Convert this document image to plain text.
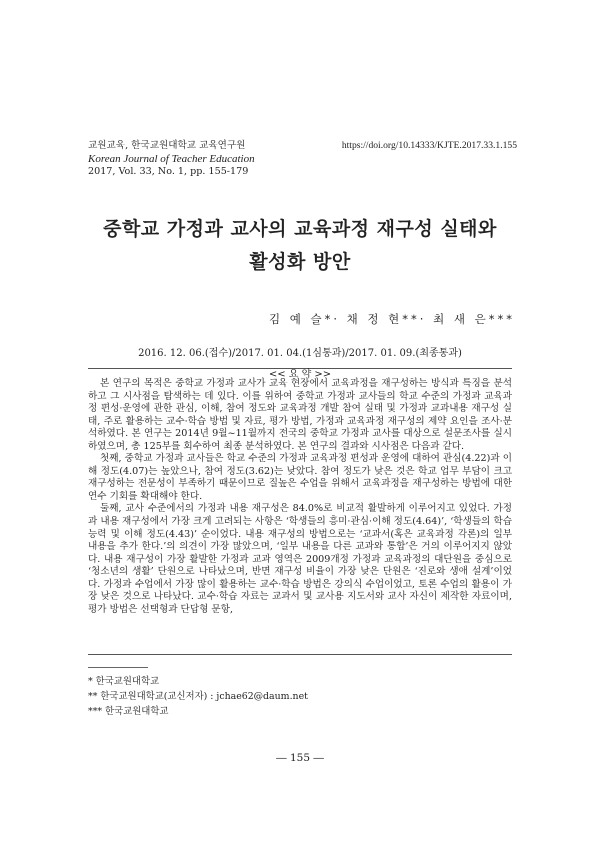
교원교육, 한국교원대학교 교육연구원
Korean Journal of Teacher Education
2017, Vol. 33, No. 1, pp. 155-179
https://doi.org/10.14333/KJTE.2017.33.1.155
중학교 가정과 교사의 교육과정 재구성 실태와
활성화 방안
김 예 슬*· 채 정 현**· 최 새 은***
2016. 12. 06.(접수)/2017. 01. 04.(1심통과)/2017. 01. 09.(최종통과)
<< 요 약 >>

본 연구의 목적은 중학교 가정과 교사가 교육 현장에서 교육과정을 재구성하는 방식과 특징을 분석하고 그 시사점을 탐색하는 데 있다. 이를 위하여 중학교 가정과 교사들의 학교 수준의 가정과 교육과정 편성·운영에 관한 관심, 이해, 참여 정도와 교육과정 개발 참여 실태 및 가정과 교과내용 재구성 실태, 주로 활용하는 교수·학습 방법 및 자료, 평가 방법, 가정과 교육과정 재구성의 제약 요인을 조사·분석하였다. 본 연구는 2014년 9월~11월까지 전국의 중학교 가정과 교사를 대상으로 설문조사를 실시하였으며, 총 125부를 회수하여 최종 분석하였다. 본 연구의 결과와 시사점은 다음과 같다.

첫째, 중학교 가정과 교사들은 학교 수준의 가정과 교육과정 편성과 운영에 대하여 관심(4.22)과 이해 정도(4.07)는 높았으나, 참여 정도(3.62)는 낮았다. 참여 정도가 낮은 것은 학교 업무 부담이 크고 재구성하는 전문성이 부족하기 때문이므로 질높은 수업을 위해서 교육과정을 재구성하는 방법에 대한 연수 기회를 확대해야 한다.

둘째, 교사 수준에서의 가정과 내용 재구성은 84.0%로 비교적 활발하게 이루어지고 있었다. 가정과 내용 재구성에서 가장 크게 고려되는 사항은 ‘학생들의 흥미·관심·이해 정도(4.64)’, ‘학생들의 학습 능력 및 이해 정도(4.43)’ 순이었다. 내용 재구성의 방법으로는 ‘교과서(혹은 교육과정 각론)의 일부 내용을 추가 한다.’의 의견이 가장 많았으며, ‘일부 내용을 다른 교과와 통합’은 거의 이루어지지 않았다. 내용 재구성이 가장 활발한 가정과 교과 영역은 2009개정 가정과 교육과정의 대단원을 중심으로 ‘청소년의 생활’ 단원으로 나타났으며, 반면 재구성 비율이 가장 낮은 단원은 ‘진로와 생애 설계’이었다. 가정과 수업에서 가장 많이 활용하는 교수·학습 방법은 강의식 수업이었고, 토론 수업의 활용이 가장 낮은 것으로 나타났다. 교수·학습 자료는 교과서 및 교사용 지도서와 교사 자신이 제작한 자료이며, 평가 방법은 선택형과 단답형 문항,

* 한국교원대학교
** 한국교원대학교(교신저자) : jchae62@daum.net
*** 한국교원대학교
― 155 ―
